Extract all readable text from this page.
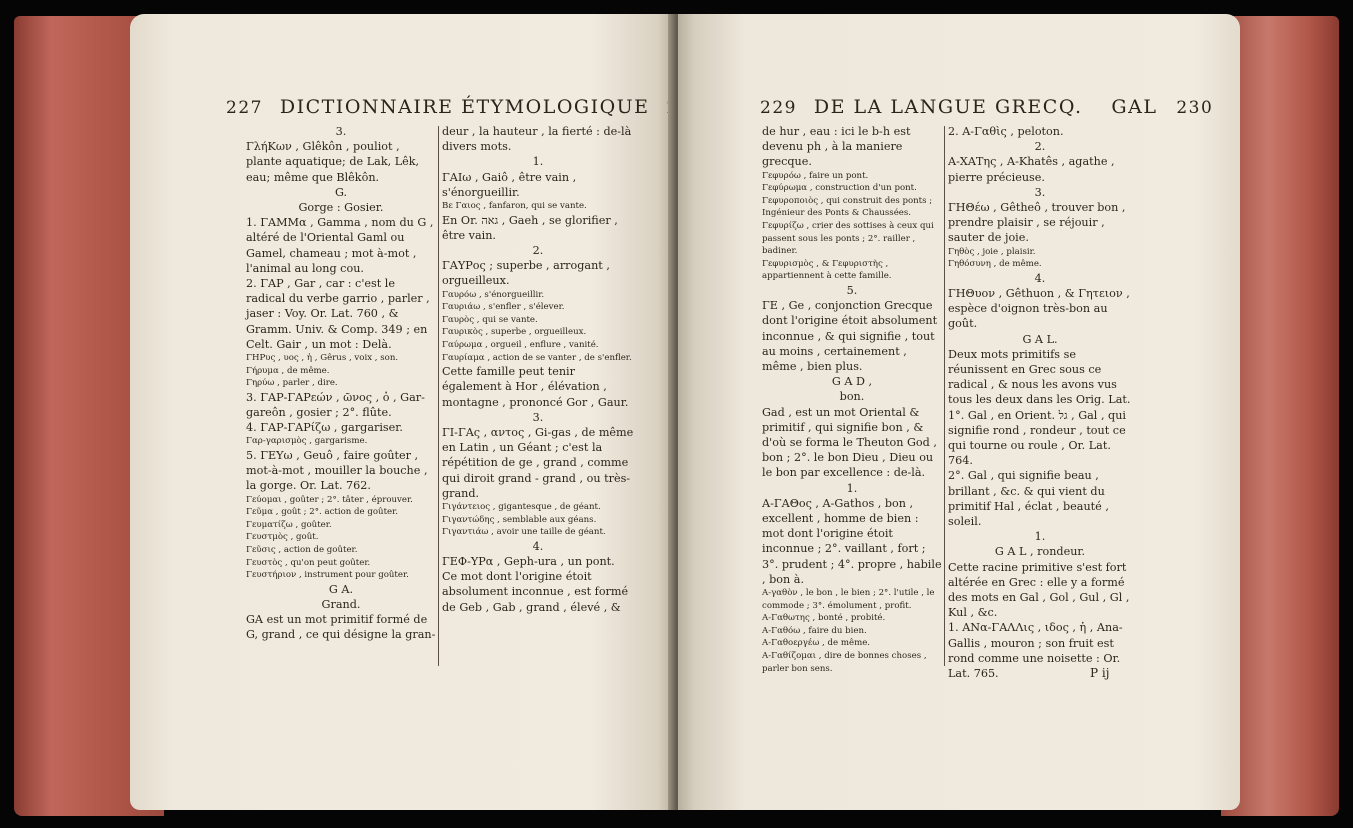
227 DICTIONNAIRE ÉTYMOLOGIQUE

3.

ΓλήΚων , Glêkôn , pouliot , plante aquatique; de Lak, Lêk, eau; même que Blêkôn.

G.

Gorge : Gosier.

1. ΓΑΜΜα , Gamma , nom du G , altéré de l'Oriental Gaml ou Gamel, chameau ; mot à-mot , l'animal au long cou.

2. ΓΑΡ , Gar , car : c'est le radical du verbe garrio , parler , jaser : Voy. Or. Lat. 760 , & Gramm. Univ. & Comp. 349 ; en Celt. Gair , un mot : Delà.

ΓΗΡυς , υος , ἡ , Gêrus , voix , son.

Γήρυμα , de même.

Γηρύω , parler , dire.

3. ΓΑΡ-ΓΑΡεών , ῶνος , ὁ , Gar-gareôn , gosier ; 2°. flûte.

4. ΓΑΡ-ΓΑΡίζω , gargariser.

Γαρ-γαρισμὸς , gargarisme.

5. ΓΕΥω , Geuô , faire goûter , mot-à-mot , mouiller la bouche , la gorge. Or. Lat. 762.

Γεύομαι , goûter ; 2°. tâter , éprouver.

Γεῦμα , goût ; 2°. action de goûter.

Γευματίζω , goûter.

Γευστμὸς , goût.

Γεῦσις , action de goûter.

Γευστὸς , qu'on peut goûter.

Γευστήριον , instrument pour goûter.

G A.

Grand.

GA est un mot primitif formé de G, grand , ce qui désigne la gran-

deur , la hauteur , la fierté : de-là divers mots.

1.

ΓΑΙω , Gaiô , être vain , s'énorgueillir.

Βε Γαιος , fanfaron, qui se vante.

En Or. גאה , Gaeh , se glorifier , être vain.

2.

ΓΑΥΡος ; superbe , arrogant , orgueilleux.

Γαυρόω , s'énorgueillir.

Γαυριάω , s'enfler , s'élever.

Γαυρὸς , qui se vante.

Γαυρικὸς , superbe , orgueilleux.

Γαύρωμα , orgueil , enflure , vanité.

Γαυρίαμα , action de se vanter , de s'enfler.

Cette famille peut tenir également à Hor , élévation , montagne , prononcé Gor , Gaur.

3.

ΓΙ-ΓΑς , αντος , Gi-gas , de même en Latin , un Géant ; c'est la répétition de ge , grand , comme qui diroit grand - grand , ou très-grand.

Γιγάντειος , gigantesque , de géant.

Γιγαντώδης , semblable aux géans.

Γιγαντιάω , avoir une taille de géant.

4.

ΓΕΦ-ΥΡα , Geph-ura , un pont.

Ce mot dont l'origine étoit absolument inconnue , est formé de Geb , Gab , grand , élevé , &

229 DE LA LANGUE GRECQ. GAL 230

de hur , eau : ici le b-h est devenu ph , à la maniere grecque.

Γεφυρόω , faire un pont.

Γεφύρωμα , construction d'un pont.

Γεφυροποιὸς , qui construit des ponts ; Ingénieur des Ponts & Chaussées.

Γεφυρίζω , crier des sottises à ceux qui passent sous les ponts ; 2°. railler , badiner.

Γεφυρισμὸς , & Γεφυριστὴς , appartiennent à cette famille.

5.

ΓΕ , Ge , conjonction Grecque dont l'origine étoit absolument inconnue , & qui signifie , tout au moins , certainement , même , bien plus.

G A D ,

bon.

Gad , est un mot Oriental & primitif , qui signifie bon , & d'où se forma le Theuton God , bon ; 2°. le bon Dieu , Dieu ou le bon par excellence : de-là.

1.

Α-ΓΑΘος , A-Gathos , bon , excellent , homme de bien : mot dont l'origine étoit inconnue ; 2°. vaillant , fort ; 3°. prudent ; 4°. propre , habile , bon à.

Α-γαθὸν , le bon , le bien ; 2°. l'utile , le commode ; 3°. émolument , profit.

Α-Γαθωτης , bonté , probité.

Α-Γαθόω , faire du bien.

Α-Γαθοεργέω , de même.

Α-Γαθίζομαι , dire de bonnes choses , parler bon sens.

2. Α-Γαθὶς , peloton.

2.

Α-ΧΑΤης , A-Khatês , agathe , pierre précieuse.

3.

ΓΗΘέω , Gêtheô , trouver bon , prendre plaisir , se réjouir , sauter de joie.

Γηθὸς , joie , plaisir.

Γηθόσυνη , de même.

4.

ΓΗΘυον , Gêthuon , & Γητειον , espèce d'oignon très-bon au goût.

G A L.

Deux mots primitifs se réunissent en Grec sous ce radical , & nous les avons vus tous les deux dans les Orig. Lat.

1°. Gal , en Orient. גל , Gal , qui signifie rond , rondeur , tout ce qui tourne ou roule , Or. Lat. 764.

2°. Gal , qui signifie beau , brillant , &c. & qui vient du primitif Hal , éclat , beauté , soleil.

1.

G A L , rondeur.

Cette racine primitive s'est fort altérée en Grec : elle y a formé des mots en Gal , Gol , Gul , Gl , Kul , &c.

1. ΑΝα-ΓΑΛΛις , ιδος , ἡ , Ana-Gallis , mouron ; son fruit est rond comme une noisette : Or. Lat. 765.	P ij
